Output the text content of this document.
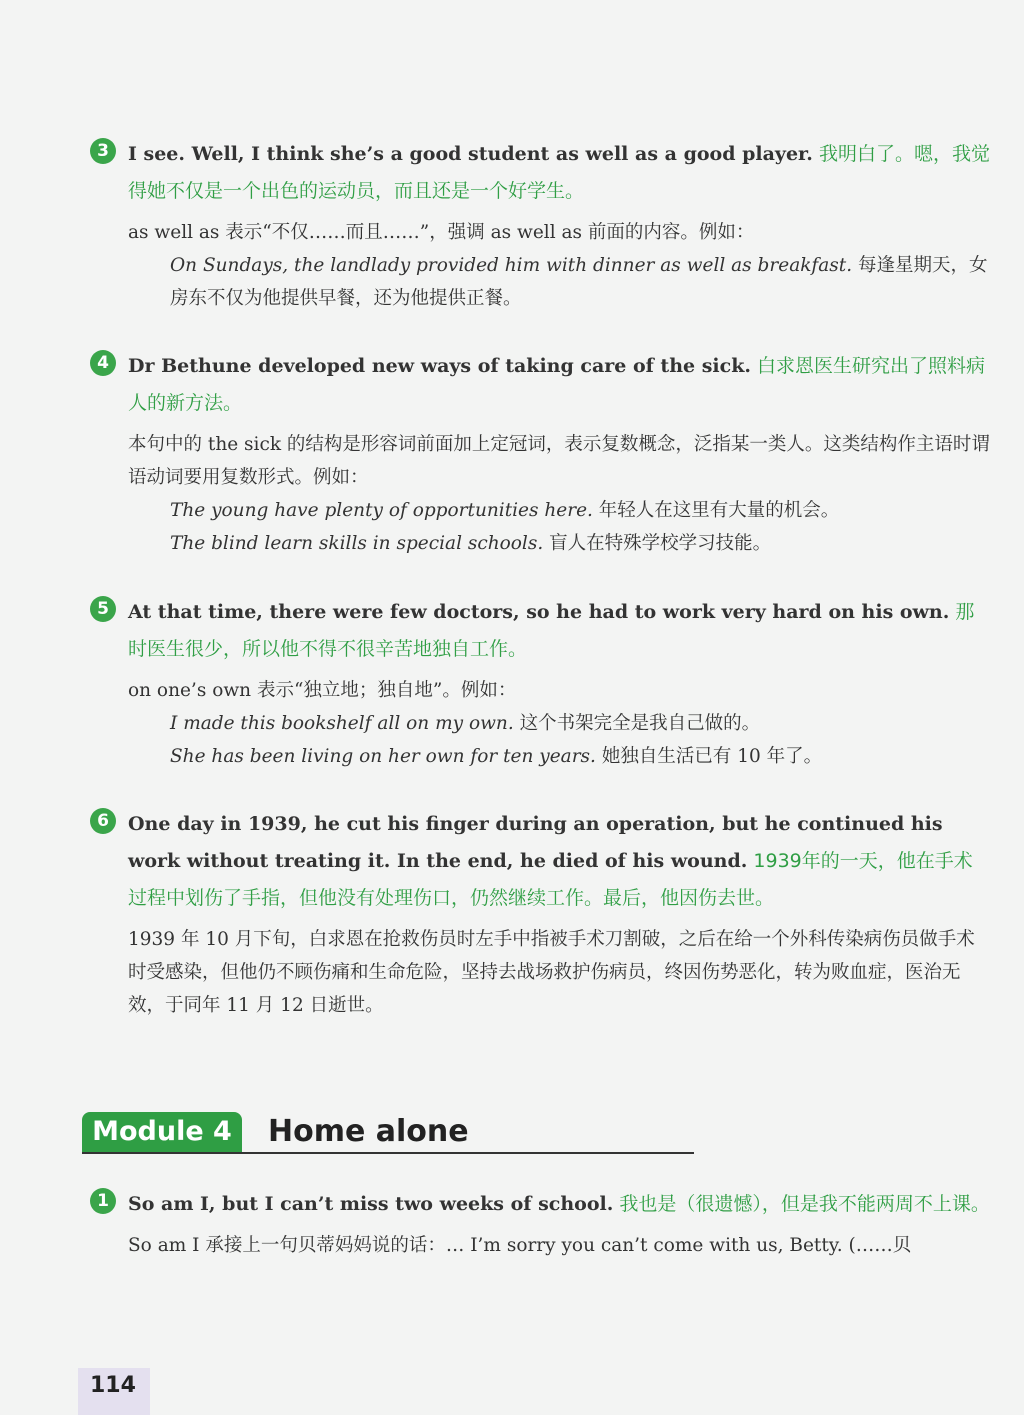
3	I see. Well, I think she’s a good student as well as a good player. 我明白了。嗯，我觉得她不仅是一个出色的运动员，而且还是一个好学生。
as well as 表示“不仅……而且……”，强调 as well as 前面的内容。例如：
On Sundays, the landlady provided him with dinner as well as breakfast. 每逢星期天，女房东不仅为他提供早餐，还为他提供正餐。
4	Dr Bethune developed new ways of taking care of the sick. 白求恩医生研究出了照料病人的新方法。
本句中的 the sick 的结构是形容词前面加上定冠词，表示复数概念，泛指某一类人。这类结构作主语时谓语动词要用复数形式。例如：
The young have plenty of opportunities here. 年轻人在这里有大量的机会。
The blind learn skills in special schools. 盲人在特殊学校学习技能。
5	At that time, there were few doctors, so he had to work very hard on his own. 那时医生很少，所以他不得不很辛苦地独自工作。
on one’s own 表示“独立地；独自地”。例如：
I made this bookshelf all on my own. 这个书架完全是我自己做的。
She has been living on her own for ten years. 她独自生活已有 10 年了。
6	One day in 1939, he cut his finger during an operation, but he continued his work without treating it. In the end, he died of his wound. 1939年的一天，他在手术过程中划伤了手指，但他没有处理伤口，仍然继续工作。最后，他因伤去世。
1939 年 10 月下旬，白求恩在抢救伤员时左手中指被手术刀割破，之后在给一个外科传染病伤员做手术时受感染，但他仍不顾伤痛和生命危险，坚持去战场救护伤病员，终因伤势恶化，转为败血症，医治无效，于同年 11 月 12 日逝世。
Module 4	Home alone
1	So am I, but I can’t miss two weeks of school. 我也是（很遗憾），但是我不能两周不上课。
So am I 承接上一句贝蒂妈妈说的话：… I’m sorry you can’t come with us, Betty. (……贝
114
